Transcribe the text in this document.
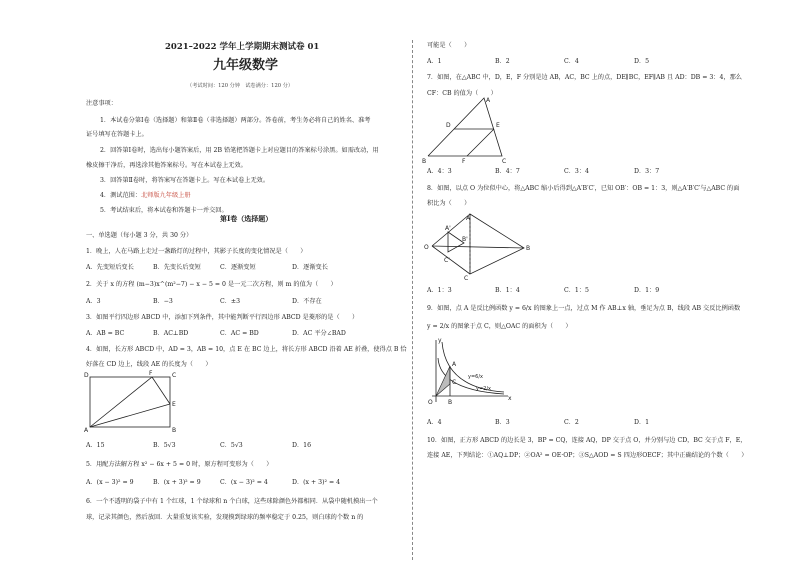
2021–2022 学年上学期期末测试卷 01
九年级数学
（考试时间：120 分钟　试卷满分：120 分）
注意事项：
1．本试卷分第Ⅰ卷（选择题）和第Ⅱ卷（非选择题）两部分。答卷前，考生务必将自己的姓名、准考
证号填写在答题卡上。
2．回答第Ⅰ卷时，选出每小题答案后，用 2B 铅笔把答题卡上对应题目的答案标号涂黑。如需改动，用
橡皮擦干净后，再选涂其他答案标号。写在本试卷上无效。
3．回答第Ⅱ卷时，将答案写在答题卡上。写在本试卷上无效。
4．测试范围：北师版九年级上册
5．考试结束后，将本试卷和答题卡一并交回。
第Ⅰ卷（选择题）
一、单选题（每小题 3 分，共 30 分）
1．晚上，人在马路上走过一盏路灯的过程中，其影子长度的变化情况是（　　）
A．先变短后变长	B．先变长后变短	C．逐渐变短	D．逐渐变长
2．关于 x 的方程 (m−3)x^(m²−7) − x − 5 = 0 是一元二次方程，则 m 的值为（　　）
A．3	B．−3	C．±3	D．不存在
3．如图平行四边形 ABCD 中，添加下列条件，其中能判断平行四边形 ABCD 是菱形的是（　　）
A．AB = BC	B．AC⊥BD	C．AC = BD	D．AC 平分∠BAD
4．如图，长方形 ABCD 中，AD = 3，AB = 10，点 E 在 BC 边上，将长方形 ABCD 沿着 AE 折叠，使得点 B 恰
好落在 CD 边上，线段 AE 的长度为（　　）
D	F	C
E
A	B
A．15	B．5√3	C．5√3	D．16
5．用配方法解方程 x² − 6x + 5 = 0 时，原方程可变形为（　　）
A．(x − 3)² = 9	B．(x + 3)² = 9	C．(x − 3)² = 4	D．(x + 3)² = 4
6．一个不透明的袋子中有 1 个红球，1 个绿球和 n 个白球，这些球除颜色外都相同．从袋中随机摸出一个
球，记录其颜色，然后放回．大量重复该实验，发现摸到绿球的频率稳定于 0.25，则白球的个数 n 的
可能是（　　）
A．1	B．2	C．4	D．5
7．如图，在△ABC 中，D，E，F 分别是边 AB，AC，BC 上的点，DE∥BC，EF∥AB 且 AD：DB = 3：4，那么
CF：CB 的值为（　　）
A
D	E
B	F	C
A．4：3	B．4：7	C．3：4	D．3：7
8．如图，以点 O 为位似中心，将△ABC 缩小后得到△A′B′C′，已知 OB′：OB = 1：3，则△A′B′C′与△ABC 的面
积比为（　　）
A
A'
O
B'
C'
C
B
A．1：3	B．1：4	C．1：5	D．1：9
9．如图，点 A 是反比例函数 y = 6/x 的图象上一点，过点 M 作 AB⊥x 轴，垂足为点 B，线段 AB 交反比例函数
y = 2/x 的图象于点 C，则△OAC 的面积为（　　）
y
A
C
O	B
x
y=6/x
y=2/x
A．4	B．3	C．2	D．1
10．如图，正方形 ABCD 的边长是 3，BP = CQ，连接 AQ，DP 交于点 O，并分别与边 CD，BC 交于点 F，E，
连接 AE，下列结论：①AQ⊥DP；②OA² = OE·OP；③S△AOD = S 四边形OECF；其中正确结论的个数（　　）
